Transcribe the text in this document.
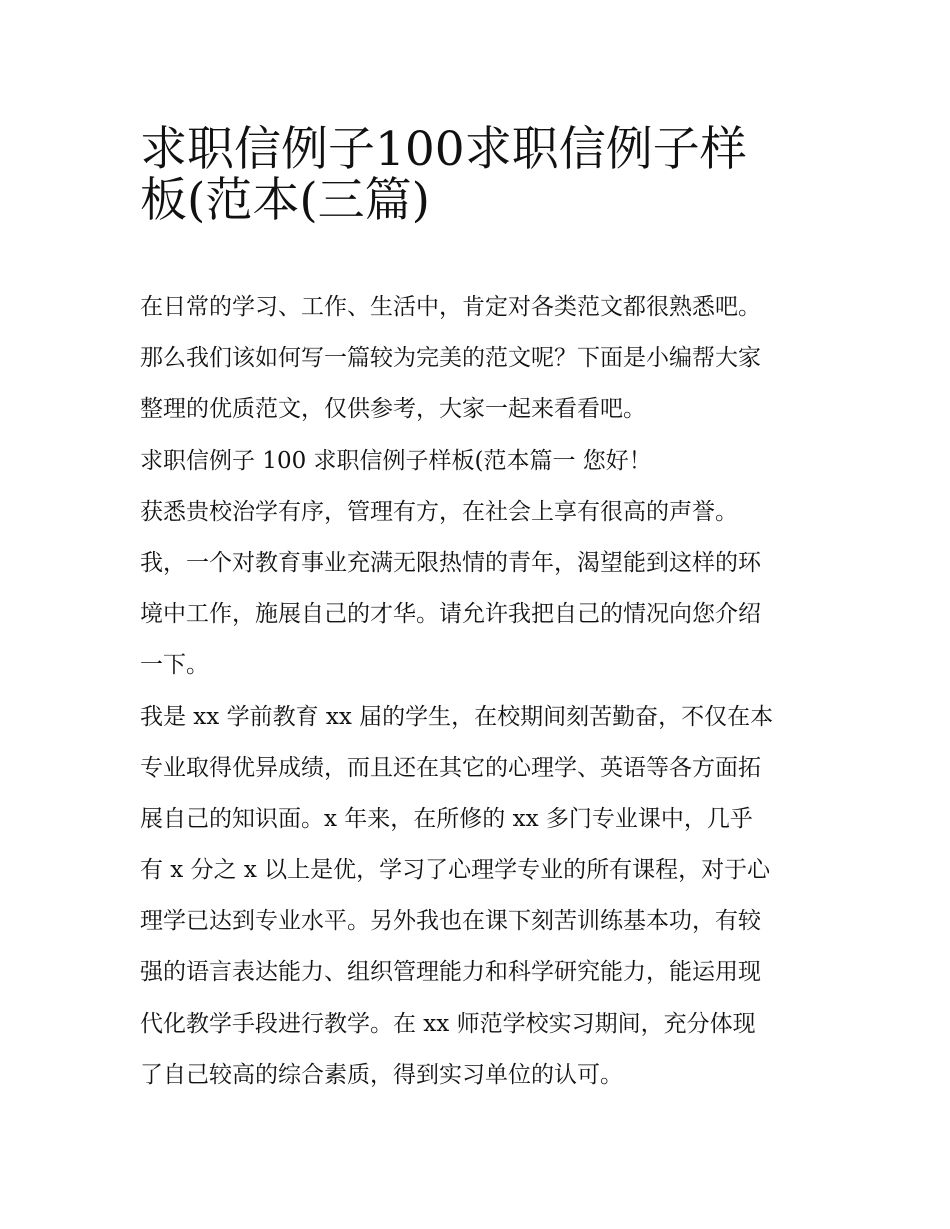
求职信例子100求职信例子样
板(范本(三篇)
在日常的学习、工作、生活中，肯定对各类范文都很熟悉吧。
那么我们该如何写一篇较为完美的范文呢？下面是小编帮大家
整理的优质范文，仅供参考，大家一起来看看吧。
求职信例子 100 求职信例子样板(范本篇一 您好！
获悉贵校治学有序，管理有方，在社会上享有很高的声誉。
我，一个对教育事业充满无限热情的青年，渴望能到这样的环
境中工作，施展自己的才华。请允许我把自己的情况向您介绍
一下。
我是 xx 学前教育 xx 届的学生，在校期间刻苦勤奋，不仅在本
专业取得优异成绩，而且还在其它的心理学、英语等各方面拓
展自己的知识面。x 年来，在所修的 xx 多门专业课中，几乎
有 x 分之 x 以上是优，学习了心理学专业的所有课程，对于心
理学已达到专业水平。另外我也在课下刻苦训练基本功，有较
强的语言表达能力、组织管理能力和科学研究能力，能运用现
代化教学手段进行教学。在 xx 师范学校实习期间，充分体现
了自己较高的综合素质，得到实习单位的认可。
